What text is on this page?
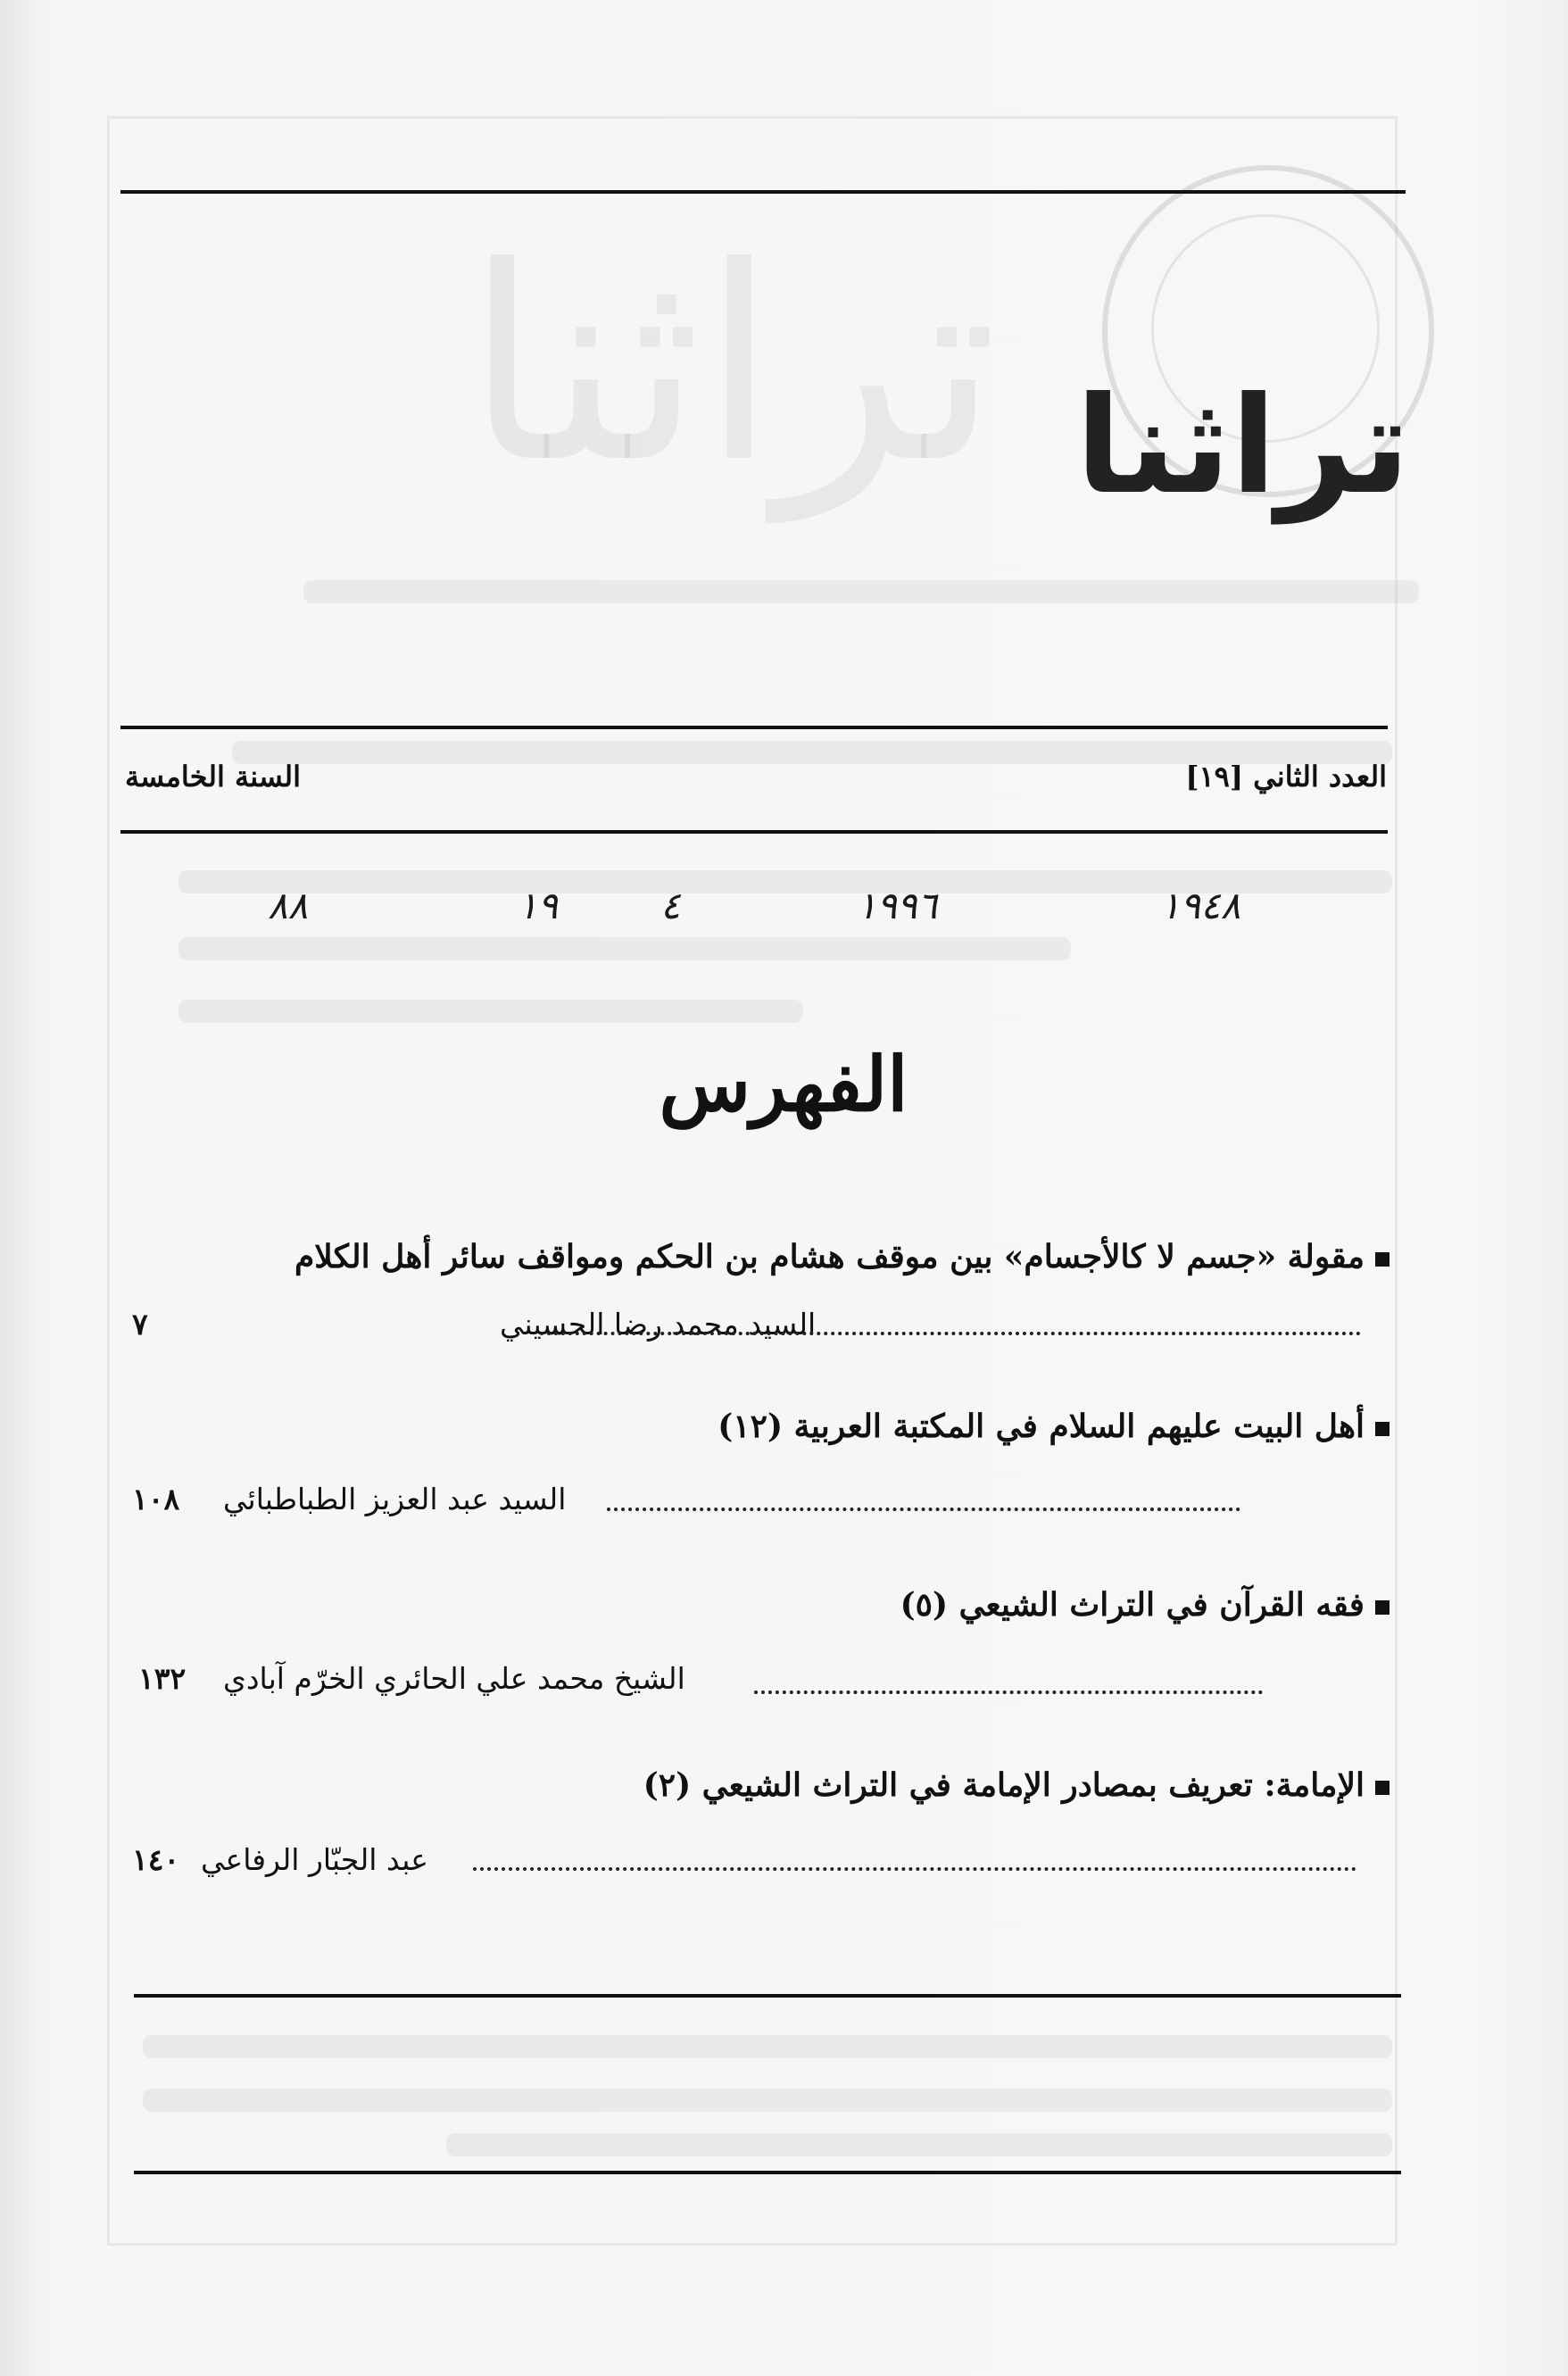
تراثنا تراثنا
العدد الثاني [١٩]
السنة الخامسة
١٩٤٨
١٩٩٦
٤
١٩
٨٨
الفهرس
مقولة «جسم لا كالأجسام» بين موقف هشام بن الحكم ومواقف سائر أهل الكلام
السيد محمد رضا الحسيني
٧
أهل البيت عليهم السلام في المكتبة العربية (١٢)
السيد عبد العزيز الطباطبائي
١٠٨
فقه القرآن في التراث الشيعي (٥)
الشيخ محمد علي الحائري الخرّم آبادي
١٣٢
الإمامة: تعريف بمصادر الإمامة في التراث الشيعي (٢)
عبد الجبّار الرفاعي
١٤٠
